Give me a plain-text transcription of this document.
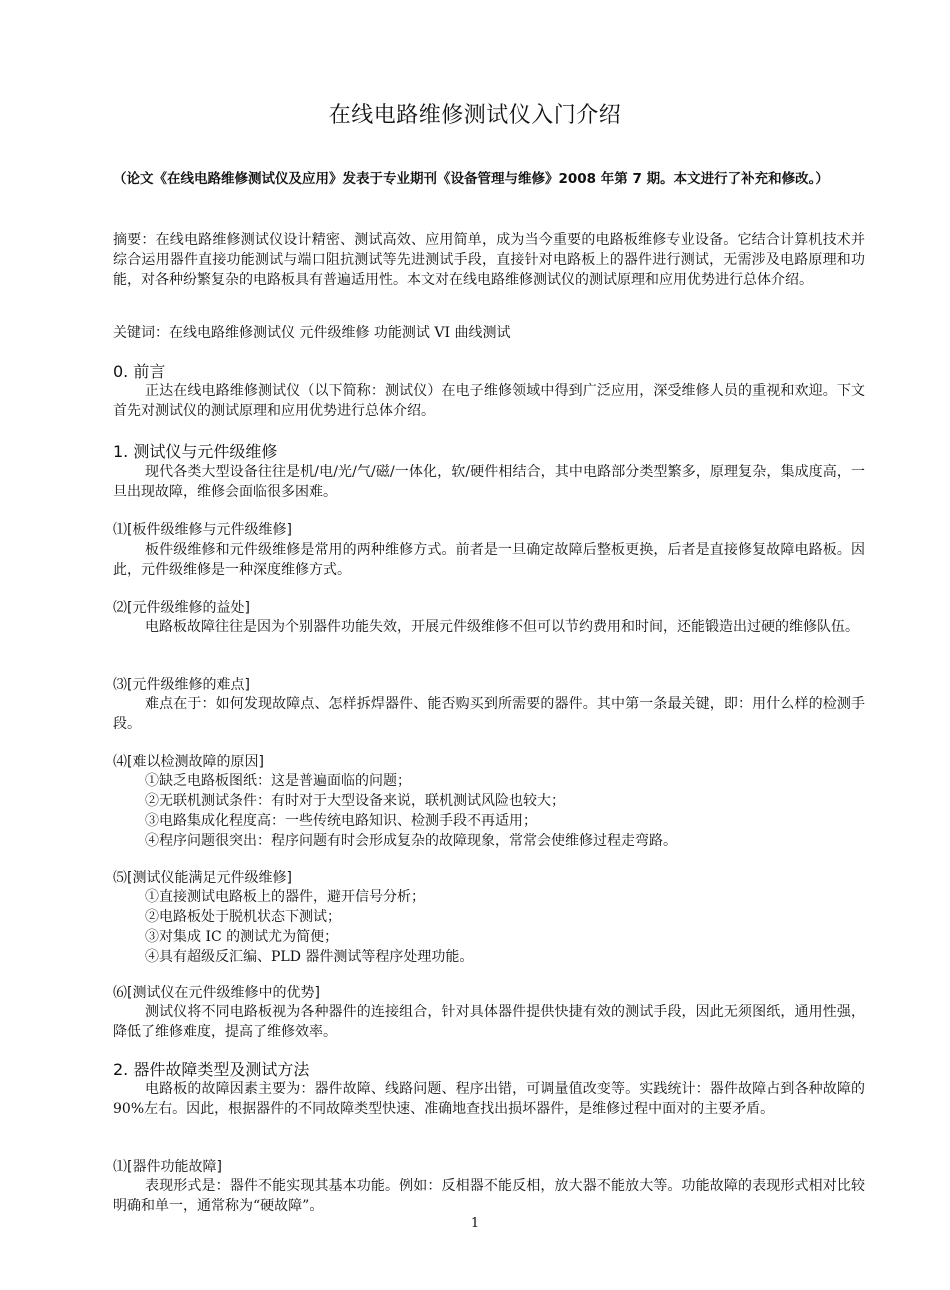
在线电路维修测试仪入门介绍
（论文《在线电路维修测试仪及应用》发表于专业期刊《设备管理与维修》2008 年第 7 期。本文进行了补充和修改。）
摘要：在线电路维修测试仪设计精密、测试高效、应用简单，成为当今重要的电路板维修专业设备。它结合计算机技术并综合运用器件直接功能测试与端口阻抗测试等先进测试手段，直接针对电路板上的器件进行测试，无需涉及电路原理和功能，对各种纷繁复杂的电路板具有普遍适用性。本文对在线电路维修测试仪的测试原理和应用优势进行总体介绍。
关键词：在线电路维修测试仪 元件级维修 功能测试 VI 曲线测试
0. 前言
正达在线电路维修测试仪（以下简称：测试仪）在电子维修领域中得到广泛应用，深受维修人员的重视和欢迎。下文首先对测试仪的测试原理和应用优势进行总体介绍。
1. 测试仪与元件级维修
现代各类大型设备往往是机/电/光/气/磁/一体化，软/硬件相结合，其中电路部分类型繁多，原理复杂，集成度高，一旦出现故障，维修会面临很多困难。
⑴[板件级维修与元件级维修]
板件级维修和元件级维修是常用的两种维修方式。前者是一旦确定故障后整板更换，后者是直接修复故障电路板。因此，元件级维修是一种深度维修方式。
⑵[元件级维修的益处]
电路板故障往往是因为个别器件功能失效，开展元件级维修不但可以节约费用和时间，还能锻造出过硬的维修队伍。
⑶[元件级维修的难点]
难点在于：如何发现故障点、怎样拆焊器件、能否购买到所需要的器件。其中第一条最关键，即：用什么样的检测手段。
⑷[难以检测故障的原因]
①缺乏电路板图纸：这是普遍面临的问题；
②无联机测试条件：有时对于大型设备来说，联机测试风险也较大；
③电路集成化程度高：一些传统电路知识、检测手段不再适用；
④程序问题很突出：程序问题有时会形成复杂的故障现象，常常会使维修过程走弯路。
⑸[测试仪能满足元件级维修]
①直接测试电路板上的器件，避开信号分析；
②电路板处于脱机状态下测试；
③对集成 IC 的测试尤为简便；
④具有超级反汇编、PLD 器件测试等程序处理功能。
⑹[测试仪在元件级维修中的优势]
测试仪将不同电路板视为各种器件的连接组合，针对具体器件提供快捷有效的测试手段，因此无须图纸，通用性强，降低了维修难度，提高了维修效率。
2. 器件故障类型及测试方法
电路板的故障因素主要为：器件故障、线路问题、程序出错，可调量值改变等。实践统计：器件故障占到各种故障的 90%左右。因此，根据器件的不同故障类型快速、准确地查找出损坏器件，是维修过程中面对的主要矛盾。
⑴[器件功能故障]
表现形式是：器件不能实现其基本功能。例如：反相器不能反相，放大器不能放大等。功能故障的表现形式相对比较明确和单一，通常称为“硬故障”。
1
